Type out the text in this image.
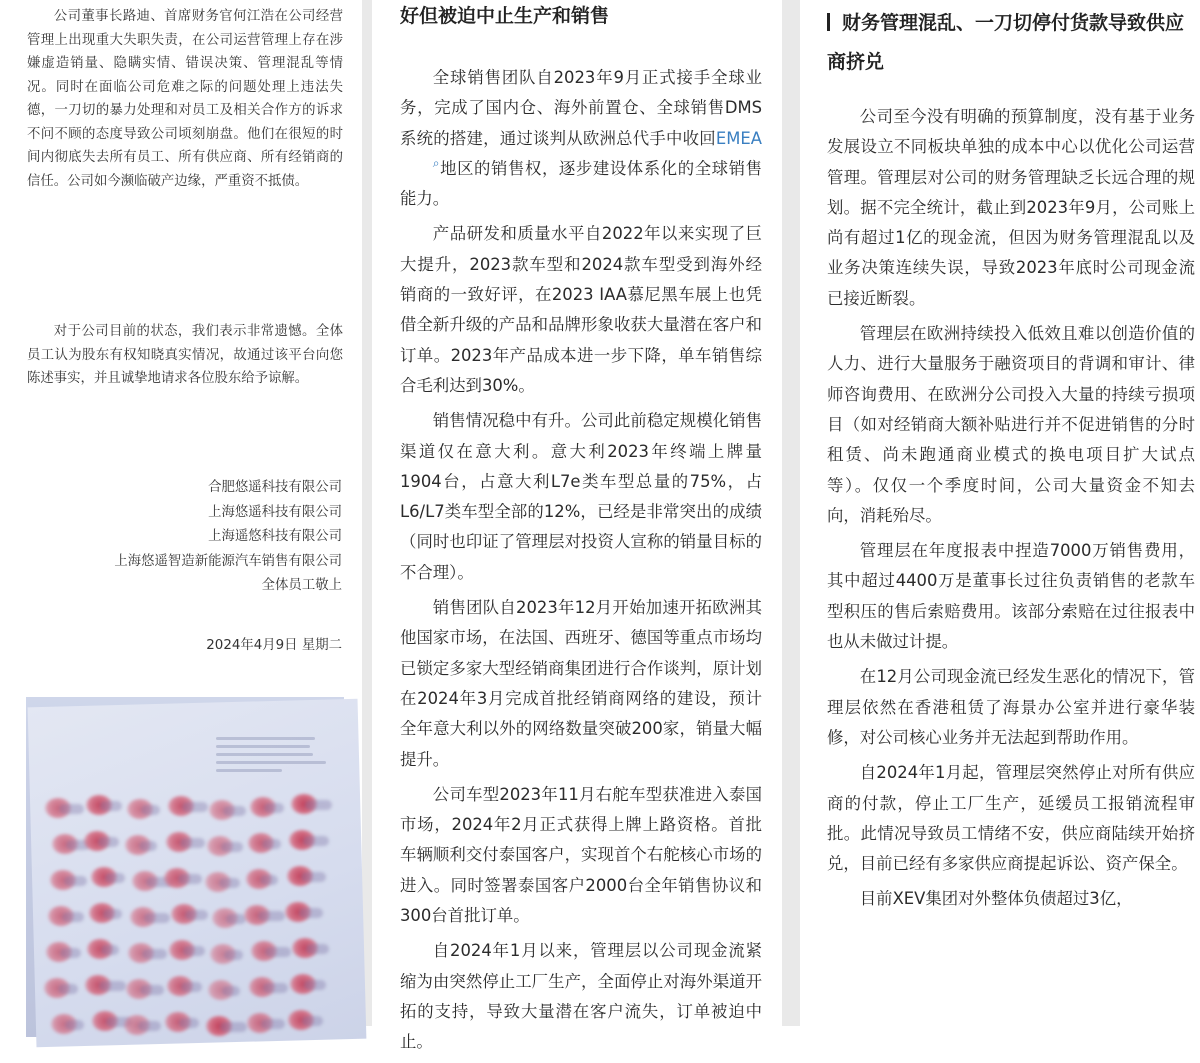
公司董事长路迪、首席财务官何江浩在公司经营管理上出现重大失职失责，在公司运营管理上存在涉嫌虚造销量、隐瞒实情、错误决策、管理混乱等情况。同时在面临公司危难之际的问题处理上违法失德，一刀切的暴力处理和对员工及相关合作方的诉求不问不顾的态度导致公司顷刻崩盘。他们在很短的时间内彻底失去所有员工、所有供应商、所有经销商的信任。公司如今濒临破产边缘，严重资不抵债。

对于公司目前的状态，我们表示非常遗憾。全体员工认为股东有权知晓真实情况，故通过该平台向您陈述事实，并且诚挚地请求各位股东给予谅解。

合肥悠遥科技有限公司
上海悠遥科技有限公司
上海遥悠科技有限公司
上海悠遥智造新能源汽车销售有限公司
全体员工敬上
2024年4月9日 星期二
好但被迫中止生产和销售

全球销售团队自2023年9月正式接手全球业务，完成了国内仓、海外前置仓、全球销售DMS系统的搭建，通过谈判从欧洲总代手中收回EMEA⌕地区的销售权，逐步建设体系化的全球销售能力。

产品研发和质量水平自2022年以来实现了巨大提升，2023款车型和2024款车型受到海外经销商的一致好评，在2023 IAA慕尼黑车展上也凭借全新升级的产品和品牌形象收获大量潜在客户和订单。2023年产品成本进一步下降，单车销售综合毛利达到30%。

销售情况稳中有升。公司此前稳定规模化销售渠道仅在意大利。意大利2023年终端上牌量1904台，占意大利L7e类车型总量的75%，占L6/L7类车型全部的12%，已经是非常突出的成绩（同时也印证了管理层对投资人宣称的销量目标的不合理）。

销售团队自2023年12月开始加速开拓欧洲其他国家市场，在法国、西班牙、德国等重点市场均已锁定多家大型经销商集团进行合作谈判，原计划在2024年3月完成首批经销商网络的建设，预计全年意大利以外的网络数量突破200家，销量大幅提升。

公司车型2023年11月右舵车型获准进入泰国市场，2024年2月正式获得上牌上路资格。首批车辆顺利交付泰国客户，实现首个右舵核心市场的进入。同时签署泰国客户2000台全年销售协议和300台首批订单。

自2024年1月以来，管理层以公司现金流紧缩为由突然停止工厂生产，全面停止对海外渠道开拓的支持，导致大量潜在客户流失，订单被迫中止。

财务管理混乱、一刀切停付货款导致供应商挤兑

公司至今没有明确的预算制度，没有基于业务发展设立不同板块单独的成本中心以优化公司运营管理。管理层对公司的财务管理缺乏长远合理的规划。据不完全统计，截止到2023年9月，公司账上尚有超过1亿的现金流，但因为财务管理混乱以及业务决策连续失误，导致2023年底时公司现金流已接近断裂。

管理层在欧洲持续投入低效且难以创造价值的人力、进行大量服务于融资项目的背调和审计、律师咨询费用、在欧洲分公司投入大量的持续亏损项目（如对经销商大额补贴进行并不促进销售的分时租赁、尚未跑通商业模式的换电项目扩大试点等）。仅仅一个季度时间，公司大量资金不知去向，消耗殆尽。

管理层在年度报表中捏造7000万销售费用，其中超过4400万是董事长过往负责销售的老款车型积压的售后索赔费用。该部分索赔在过往报表中也从未做过计提。

在12月公司现金流已经发生恶化的情况下，管理层依然在香港租赁了海景办公室并进行豪华装修，对公司核心业务并无法起到帮助作用。

自2024年1月起，管理层突然停止对所有供应商的付款，停止工厂生产，延缓员工报销流程审批。此情况导致员工情绪不安，供应商陆续开始挤兑，目前已经有多家供应商提起诉讼、资产保全。

目前XEV集团对外整体负债超过3亿，
